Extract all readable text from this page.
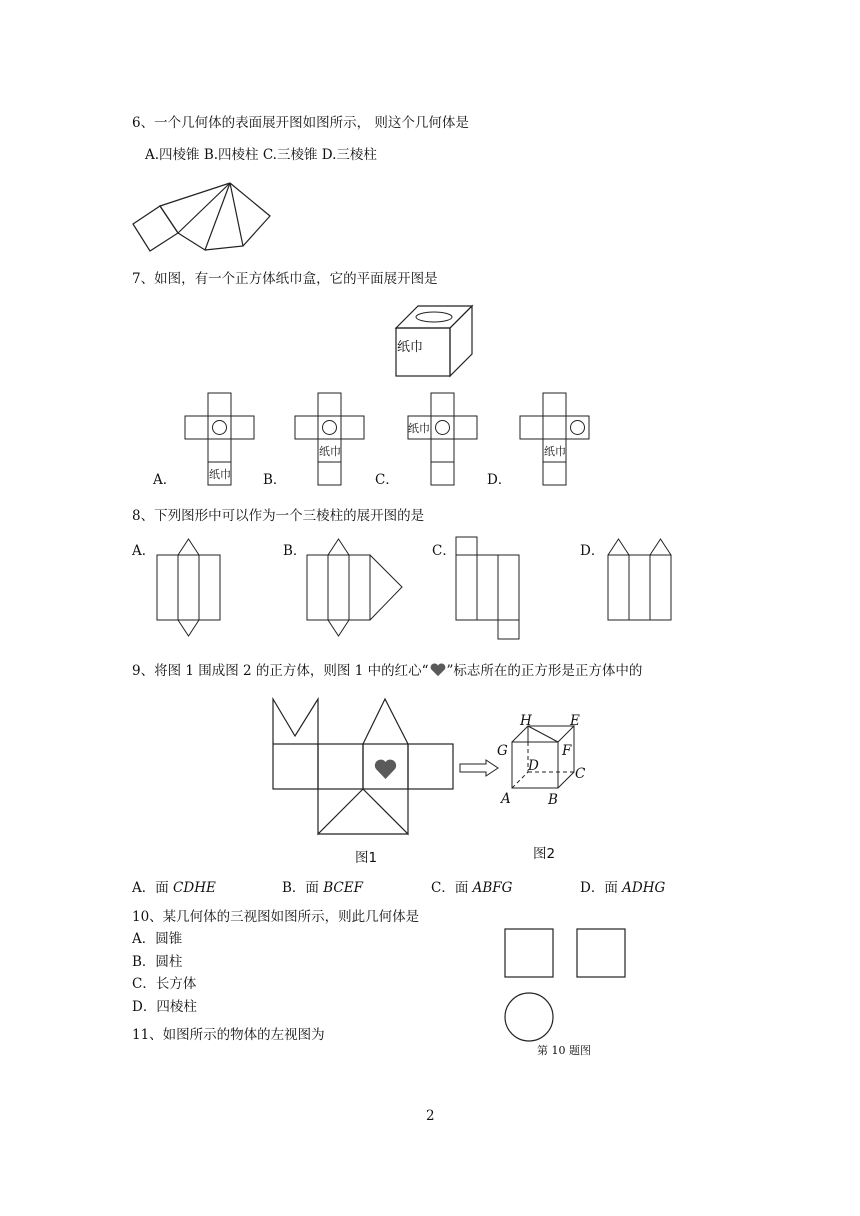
6、一个几何体的表面展开图如图所示， 则这个几何体是
A.四棱锥 B.四棱柱 C.三棱锥 D.三棱柱
7、如图，有一个正方体纸巾盒，它的平面展开图是
纸巾
纸巾
纸巾
纸巾
纸巾
A．	B．	C．	D．
8、下列图形中可以作为一个三棱柱的展开图的是
A．	B．	C．	D．
9、将图 1 围成图 2 的正方体，则图 1 中的红心“ ”标志所在的正方形是正方体中的
H	E
G	F
D	C
A	B
图1	图2
A．面 CDHE	B．面 BCEF	C．面 ABFG	D．面 ADHG
10、某几何体的三视图如图所示，则此几何体是
A．圆锥
B．圆柱
C．长方体
D．四棱柱
第 10 题图
11、如图所示的物体的左视图为
2
